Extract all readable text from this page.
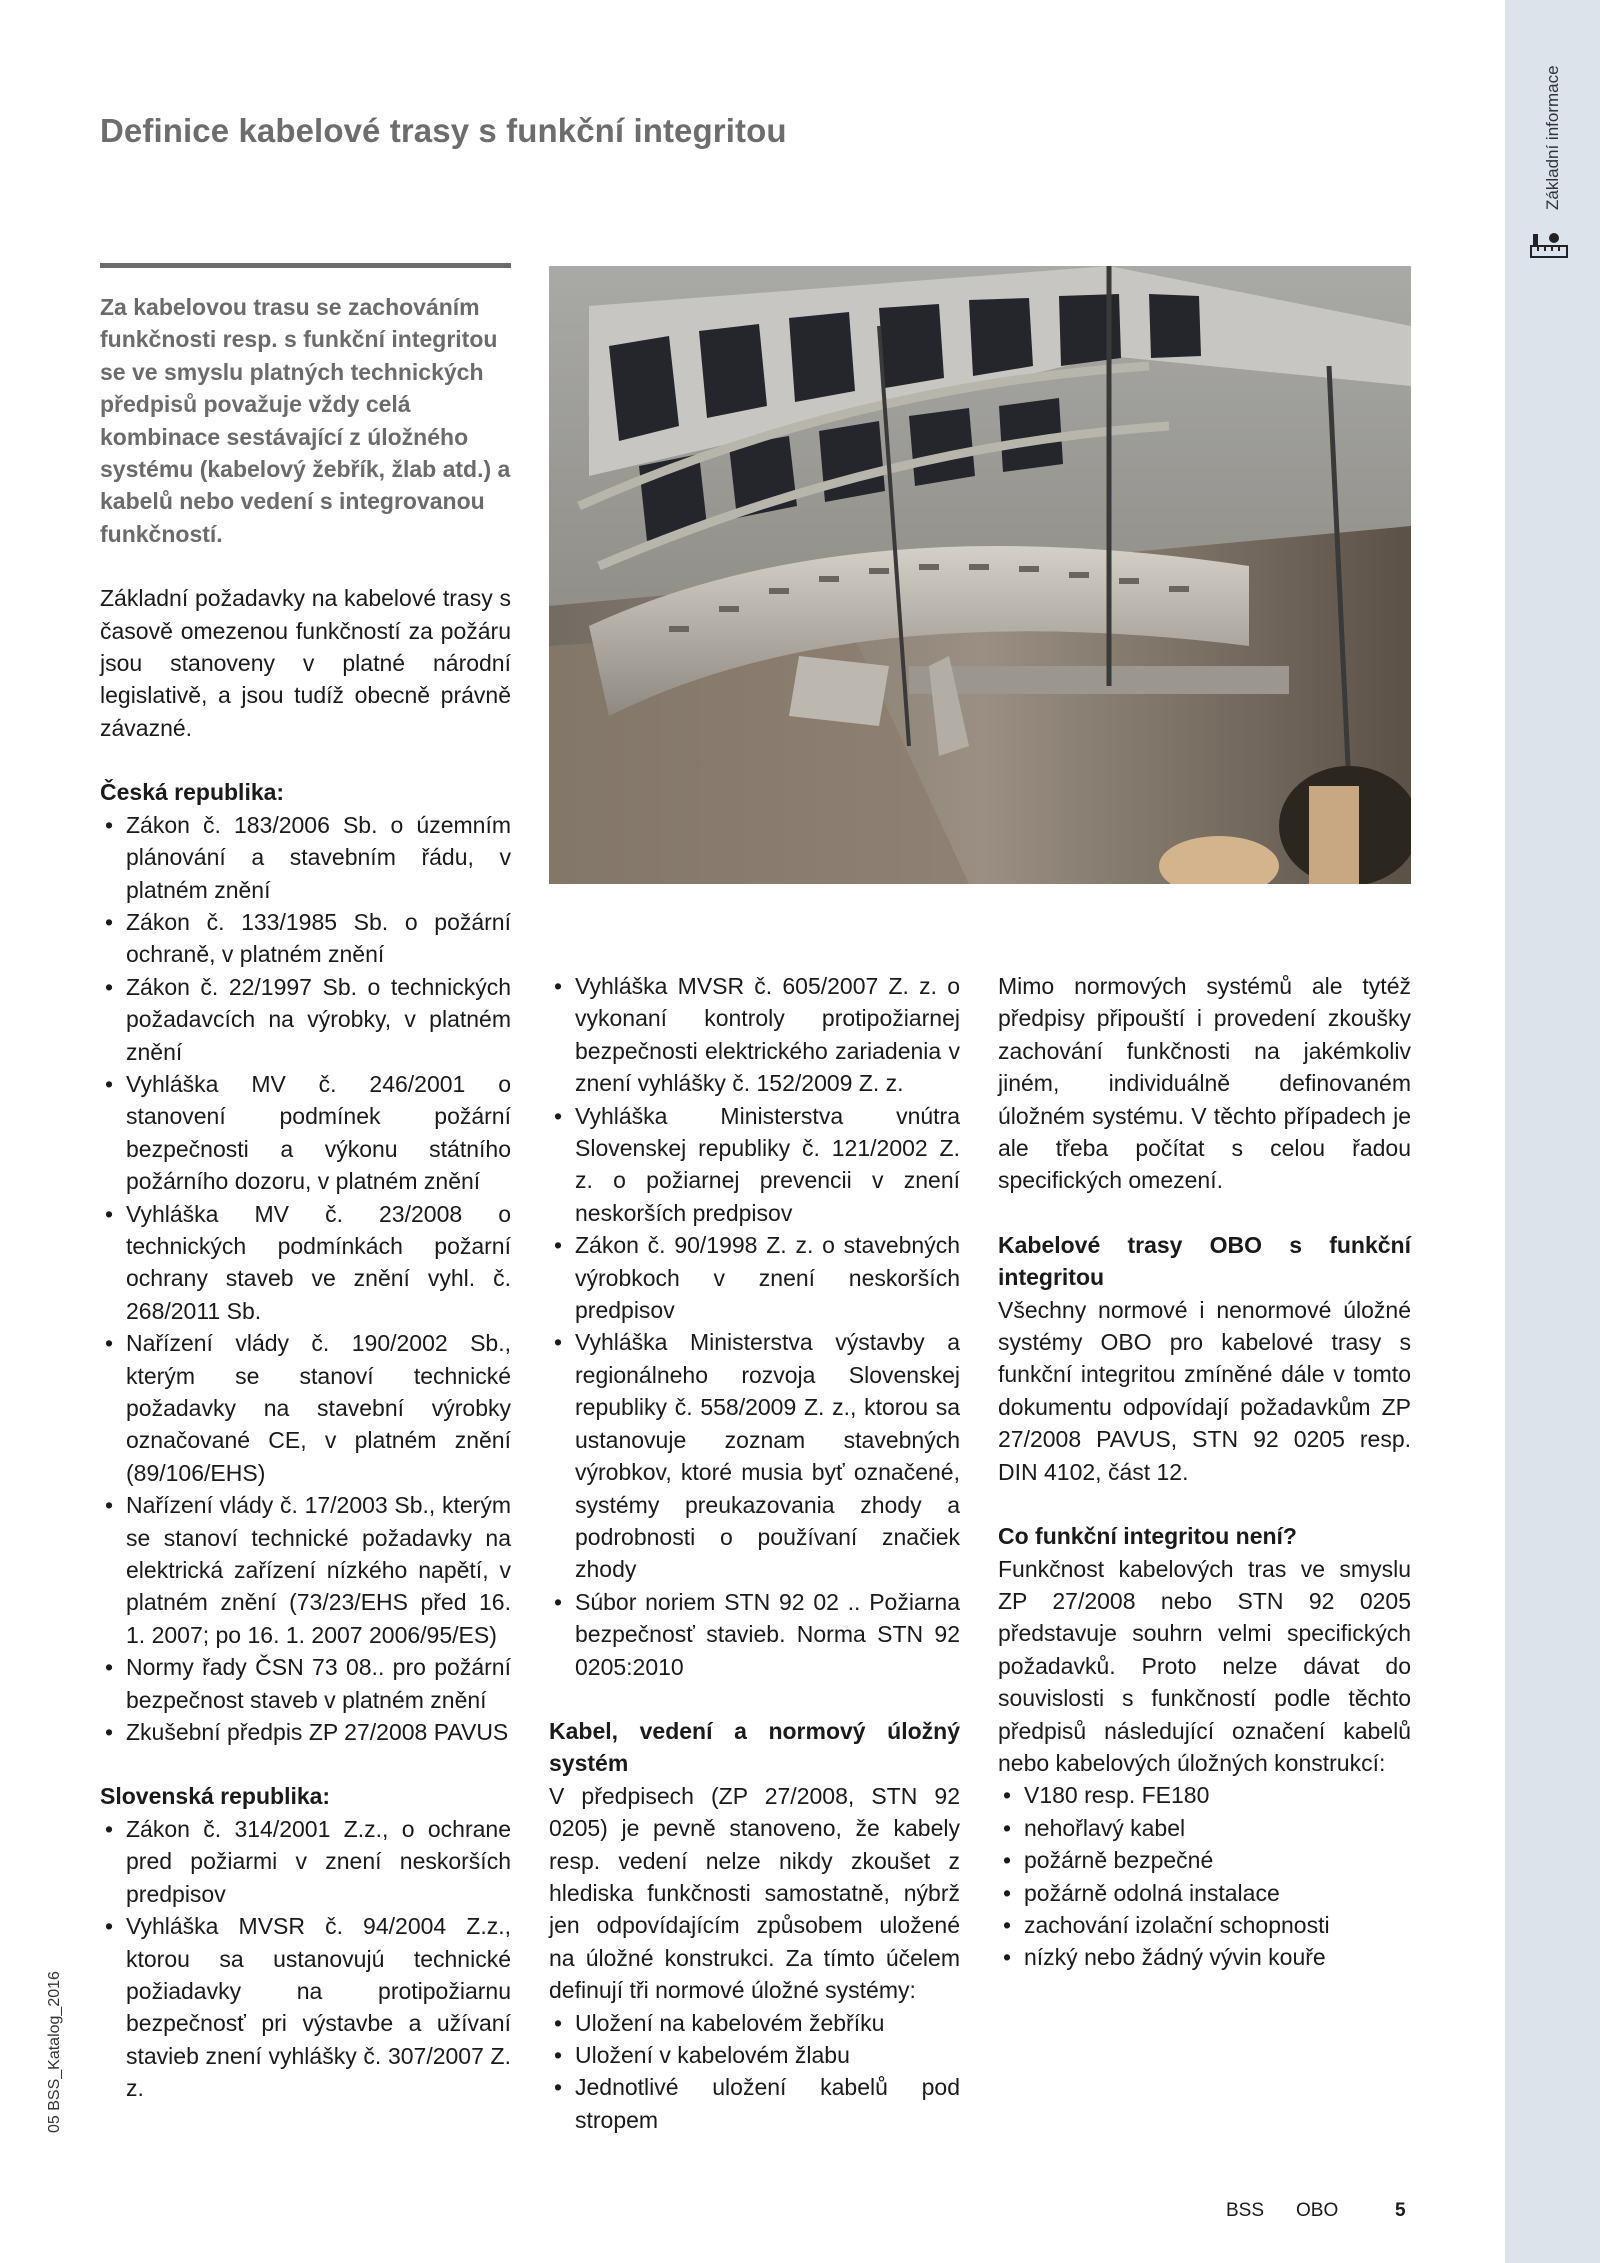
Základní informace
Definice kabelové trasy s funkční integritou

Za kabelovou trasu se zachováním funkčnosti resp. s funkční integritou se ve smyslu platných technických předpisů považuje vždy celá kombinace sestávající z úložného systému (kabelový žebřík, žlab atd.) a kabelů nebo vedení s integrovanou funkčností.

Základní požadavky na kabelové trasy s časově omezenou funkčností za požáru jsou stanoveny v platné národní legislativě, a jsou tudíž obecně právně závazné.

Česká republika:

• Zákon č. 183/2006 Sb. o územním plánování a stavebním řádu, v platném znění
• Zákon č. 133/1985 Sb. o požární ochraně, v platném znění
• Zákon č. 22/1997 Sb. o technických požadavcích na výrobky, v platném znění
• Vyhláška MV č. 246/2001 o stanovení podmínek požární bezpečnosti a výkonu státního požárního dozoru, v platném znění
• Vyhláška MV č. 23/2008 o technických podmínkách požarní ochrany staveb ve znění vyhl. č. 268/2011 Sb.
• Nařízení vlády č. 190/2002 Sb., kterým se stanoví technické požadavky na stavební výrobky označované CE, v platném znění (89/106/EHS)
• Nařízení vlády č. 17/2003 Sb., kterým se stanoví technické požadavky na elektrická zařízení nízkého napětí, v platném znění (73/23/EHS před 16. 1. 2007; po 16. 1. 2007 2006/95/ES)
• Normy řady ČSN 73 08.. pro požární bezpečnost staveb v platném znění
• Zkušební předpis ZP 27/2008 PAVUS

Slovenská republika:

• Zákon č. 314/2001 Z.z., o ochrane pred požiarmi v znení neskorších predpisov
• Vyhláška MVSR č. 94/2004 Z.z., ktorou sa ustanovujú technické požiadavky na protipožiarnu bezpečnosť pri výstavbe a užívaní stavieb znení vyhlášky č. 307/2007 Z. z.
• Vyhláška MVSR č. 605/2007 Z. z. o vykonaní kontroly protipožiarnej bezpečnosti elektrického zariadenia v znení vyhlášky č. 152/2009 Z. z.
• Vyhláška Ministerstva vnútra Slovenskej republiky č. 121/2002 Z. z. o požiarnej prevencii v znení neskorších predpisov
• Zákon č. 90/1998 Z. z. o stavebných výrobkoch v znení neskorších predpisov
• Vyhláška Ministerstva výstavby a regionálneho rozvoja Slovenskej republiky č. 558/2009 Z. z., ktorou sa ustanovuje zoznam stavebných výrobkov, ktoré musia byť označené, systémy preukazovania zhody a podrobnosti o používaní značiek zhody
• Súbor noriem STN 92 02 .. Požiarna bezpečnosť stavieb. Norma STN 92 0205:2010

Kabel, vedení a normový úložný systém

V předpisech (ZP 27/2008, STN 92 0205) je pevně stanoveno, že kabely resp. vedení nelze nikdy zkoušet z hlediska funkčnosti samostatně, nýbrž jen odpovídajícím způsobem uložené na úložné konstrukci. Za tímto účelem definují tři normové úložné systémy:

• Uložení na kabelovém žebříku
• Uložení v kabelovém žlabu
• Jednotlivé uložení kabelů pod stropem

Mimo normových systémů ale tytéž předpisy připouští i provedení zkoušky zachování funkčnosti na jakémkoliv jiném, individuálně definovaném úložném systému. V těchto případech je ale třeba počítat s celou řadou specifických omezení.

Kabelové trasy OBO s funkční integritou

Všechny normové i nenormové úložné systémy OBO pro kabelové trasy s funkční integritou zmíněné dále v tomto dokumentu odpovídají požadavkům ZP 27/2008 PAVUS, STN 92 0205 resp. DIN 4102, část 12.

Co funkční integritou není?

Funkčnost kabelových tras ve smyslu ZP 27/2008 nebo STN 92 0205 představuje souhrn velmi specifických požadavků. Proto nelze dávat do souvislosti s funkčností podle těchto předpisů následující označení kabelů nebo kabelových úložných konstrukcí:

• V180 resp. FE180
• nehořlavý kabel
• požárně bezpečné
• požárně odolná instalace
• zachování izolační schopnosti
• nízký nebo žádný vývin kouře
05 BSS_Katalog_2016
BSS OBO	5
